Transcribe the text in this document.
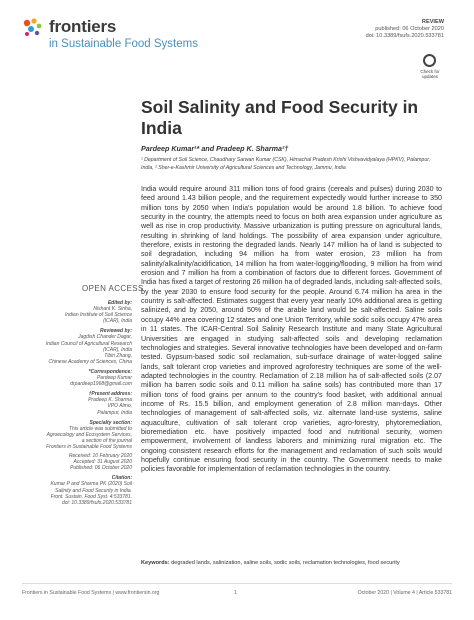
frontiers
in Sustainable Food Systems
REVIEW
published: 06 October 2020
doi: 10.3389/fsufs.2020.533781
Check for
updates
Soil Salinity and Food Security in India
Pardeep Kumar¹* and Pradeep K. Sharma²†
¹ Department of Soil Science, Chaudhary Sarwan Kumar (CSK), Himachal Pradesh Krishi Vishvavidyalaya (HPKV), Palampur, India, ² Sher-e-Kashmir University of Agricultural Sciences and Technology, Jammu, India

India would require around 311 million tons of food grains (cereals and pulses) during 2030 to feed around 1.43 billion people, and the requirement expectedly would further increase to 350 million tons by 2050 when India's population would be around 1.8 billion. To achieve food security in the country, the attempts need to focus on both area expansion under agriculture as well as rise in crop productivity. Massive urbanization is putting pressure on agricultural lands, resulting in shrinking of land holdings. The possibility of area expansion under agriculture, therefore, exists in restoring the degraded lands. Nearly 147 million ha of land is subjected to soil degradation, including 94 million ha from water erosion, 23 million ha from salinity/alkalinity/acidification, 14 million ha from water-logging/flooding, 9 million ha from wind erosion and 7 million ha from a combination of factors due to different forces. Government of India has fixed a target of restoring 26 million ha of degraded lands, including salt-affected soils, by the year 2030 to ensure food security for the people. Around 6.74 million ha area in the country is salt-affected. Estimates suggest that every year nearly 10% additional area is getting salinized, and by 2050, around 50% of the arable land would be salt-affected. Saline soils occupy 44% area covering 12 states and one Union Territory, while sodic soils occupy 47% area in 11 states. The ICAR-Central Soil Salinity Research Institute and many State Agricultural Universities are engaged in studying salt-affected soils and developing reclamation technologies and strategies. Several innovative technologies have been developed and on-farm tested. Gypsum-based sodic soil reclamation, sub-surface drainage of water-logged saline lands, salt tolerant crop varieties and improved agroforestry techniques are some of the well-adapted technologies in the country. Reclamation of 2.18 million ha of salt-affected soils (2.07 million ha barren sodic soils and 0.11 million ha saline soils) has contributed more than 17 million tons of food grains per annum to the country's food basket, with additional annual income of Rs. 15.5 billion, and employment generation of 2.8 million man-days. Other technologies of management of salt-affected soils, viz. alternate land-use systems, saline aquaculture, cultivation of salt tolerant crop varieties, agro-forestry, phytoremediation, bioremediation etc. have positively impacted food and nutritional security, women empowerment, involvement of landless laborers and minimizing rural migration etc. The ongoing consistent research efforts for the management and reclamation of such soils would hopefully continue ensuring food security in the country. The Government needs to make policies favorable for implementation of reclamation technologies in the country.

Keywords: degraded lands, salinization, saline soils, sodic soils, reclamation technologies, food security
OPEN ACCESS
Edited by:
Nishant K. Sinha,
Indian Institute of Soil Science
(ICAR), India
Reviewed by:
Jagdish Chander Dagar,
Indian Council of Agricultural Research
(ICAR), India
Tibin Zhang,
Chinese Academy of Sciences, China
*Correspondence:
Pardeep Kumar
drpardeep1968@gmail.com
†Present address:
Pradeep K. Sharma
VPO Almo,
Palampur, India
Specialty section:
This article was submitted to
Agroecology and Ecosystem Services,
a section of the journal
Frontiers in Sustainable Food Systems
Received: 10 February 2020
Accepted: 31 August 2020
Published: 06 October 2020
Citation:
Kumar P and Sharma PK (2020) Soil
Salinity and Food Security in India.
Front. Sustain. Food Syst. 4:533781.
doi: 10.3389/fsufs.2020.533781
Frontiers in Sustainable Food Systems | www.frontiersin.org	1	October 2020 | Volume 4 | Article 533781
